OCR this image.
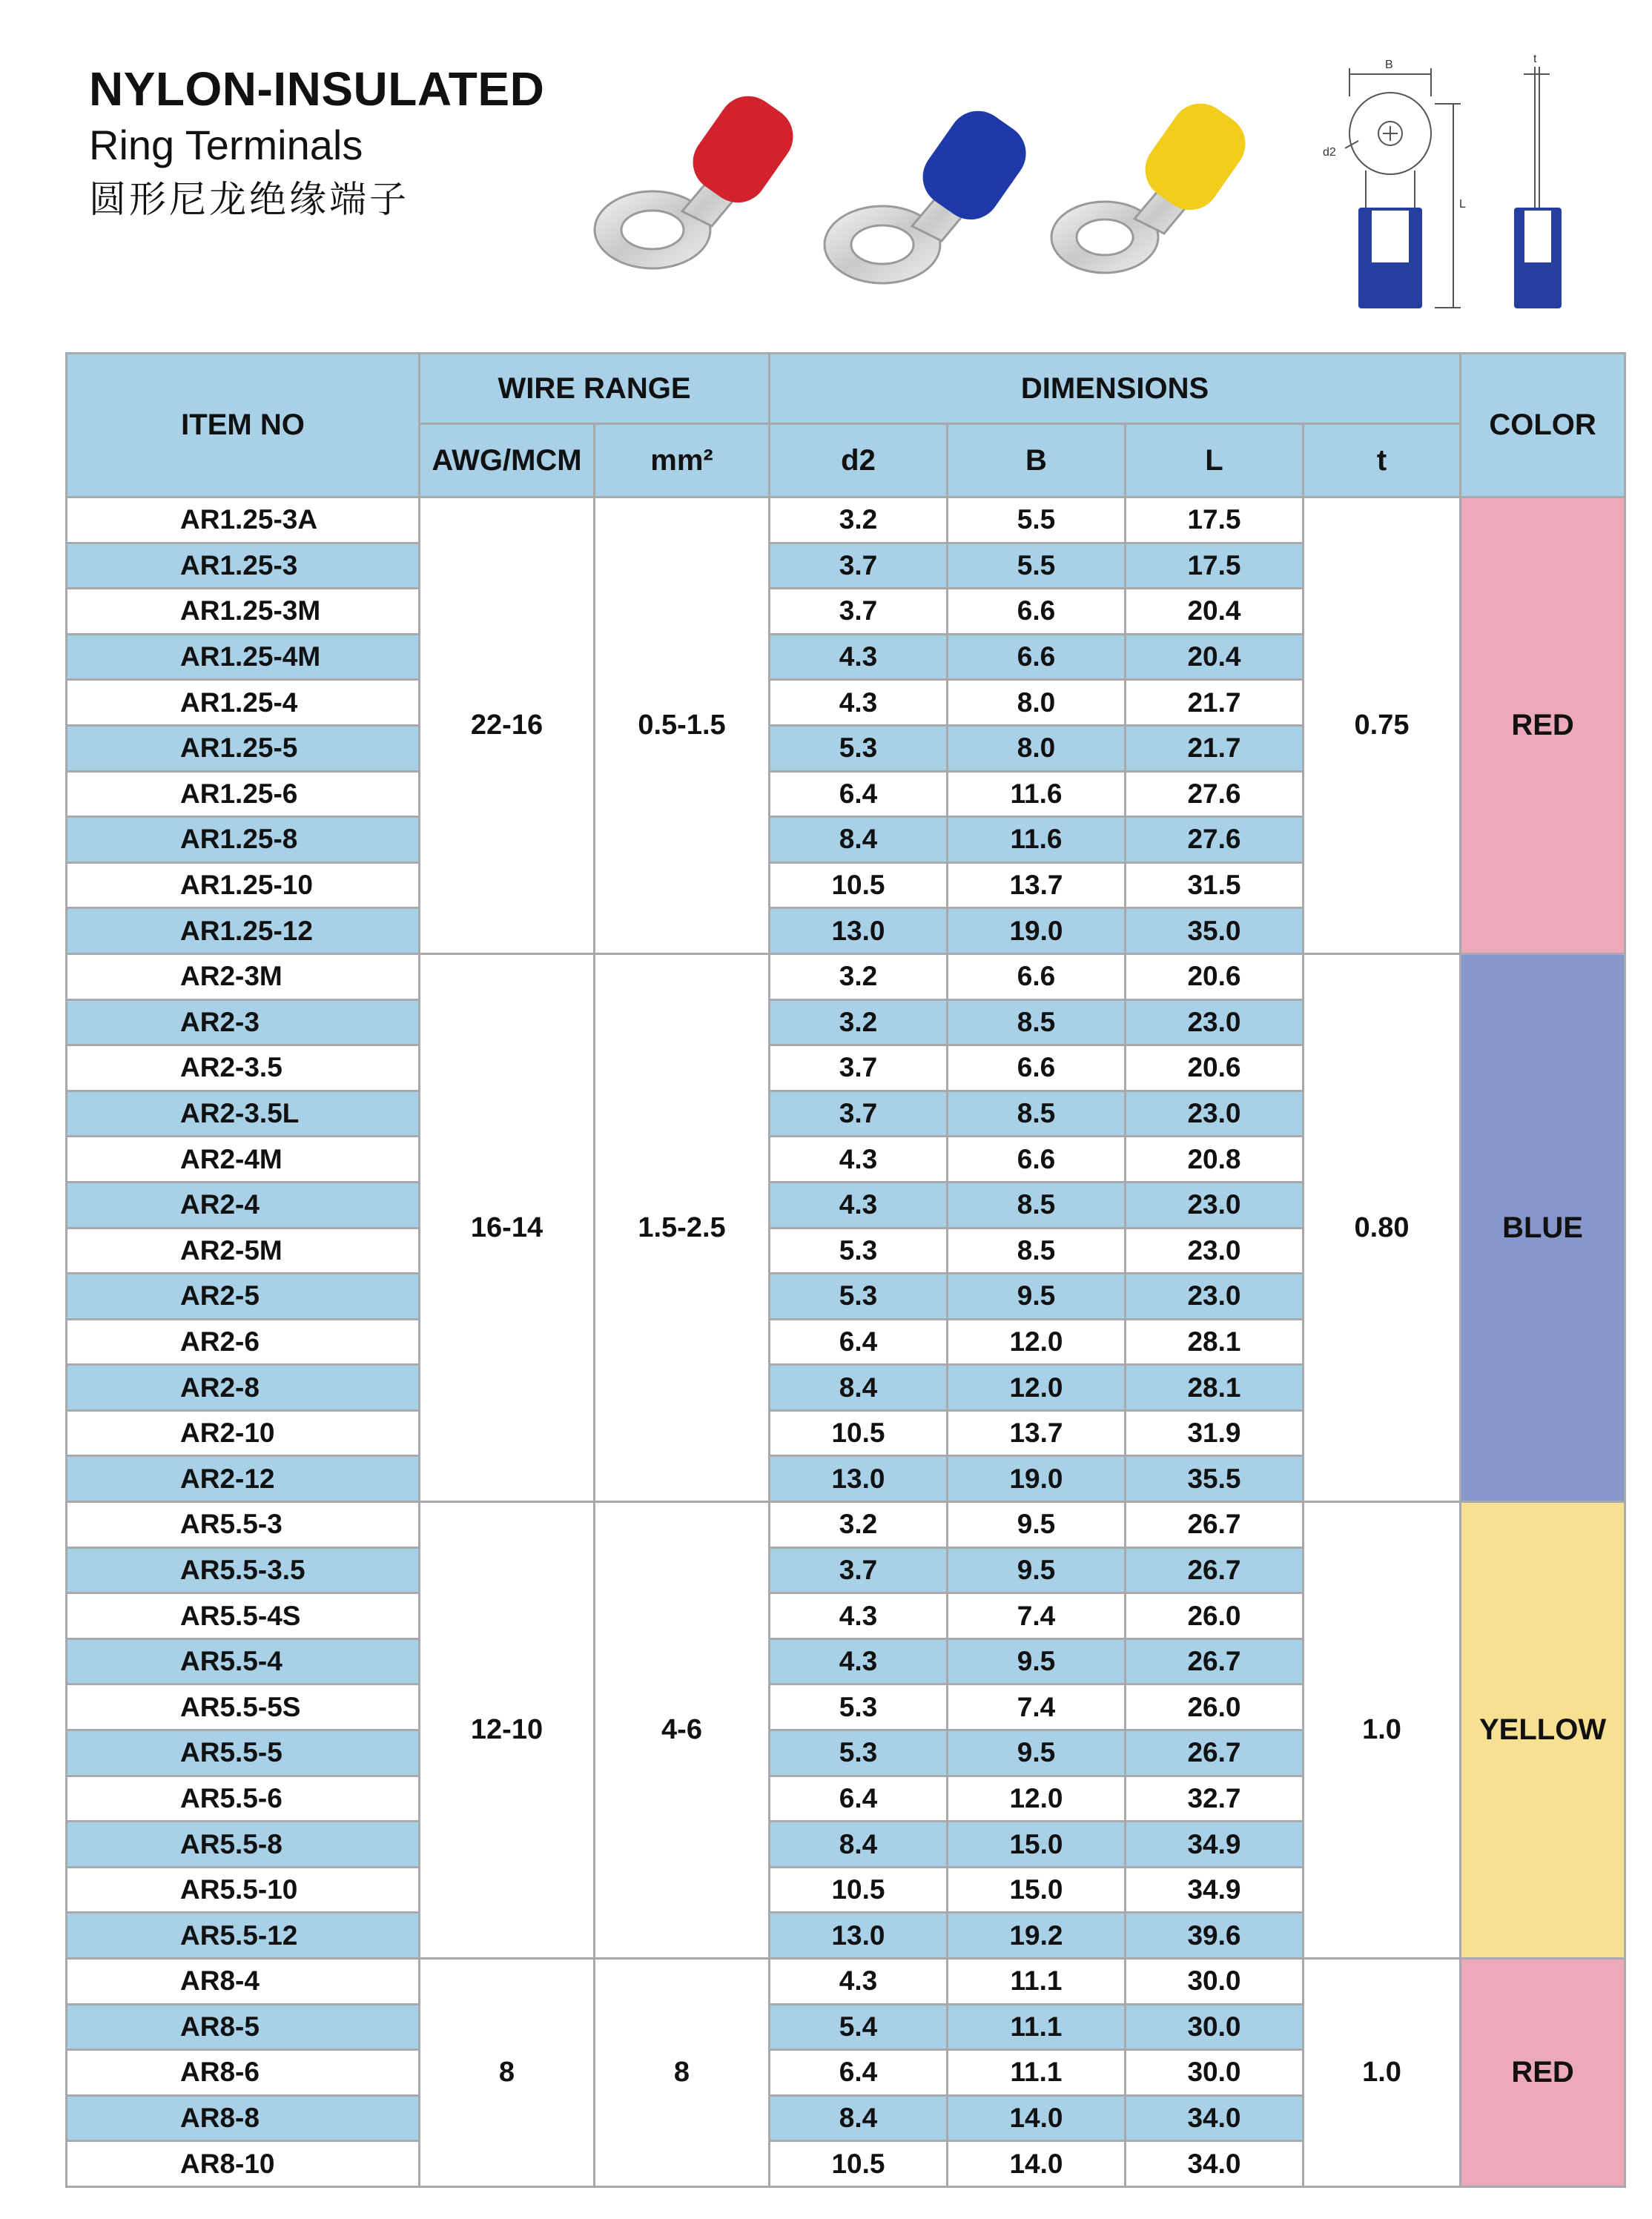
NYLON-INSULATED
Ring Terminals
圆形尼龙绝缘端子
B	t
d2
L
ITEM NO	WIRE RANGE		DIMENSIONS				COLOR
	AWG/MCM	mm²	d2	B	L	t	
AR1.25-3A	22-16	0.5-1.5	3.2	5.5	17.5	0.75	RED
AR1.25-3			3.7	5.5	17.5		
AR1.25-3M			3.7	6.6	20.4		
AR1.25-4M			4.3	6.6	20.4		
AR1.25-4			4.3	8.0	21.7		
AR1.25-5			5.3	8.0	21.7		
AR1.25-6			6.4	11.6	27.6		
AR1.25-8			8.4	11.6	27.6		
AR1.25-10			10.5	13.7	31.5		
AR1.25-12			13.0	19.0	35.0		
AR2-3M	16-14	1.5-2.5	3.2	6.6	20.6	0.80	BLUE
AR2-3			3.2	8.5	23.0		
AR2-3.5			3.7	6.6	20.6		
AR2-3.5L			3.7	8.5	23.0		
AR2-4M			4.3	6.6	20.8		
AR2-4			4.3	8.5	23.0		
AR2-5M			5.3	8.5	23.0		
AR2-5			5.3	9.5	23.0		
AR2-6			6.4	12.0	28.1		
AR2-8			8.4	12.0	28.1		
AR2-10			10.5	13.7	31.9		
AR2-12			13.0	19.0	35.5		
AR5.5-3	12-10	4-6	3.2	9.5	26.7	1.0	YELLOW
AR5.5-3.5			3.7	9.5	26.7		
AR5.5-4S			4.3	7.4	26.0		
AR5.5-4			4.3	9.5	26.7		
AR5.5-5S			5.3	7.4	26.0		
AR5.5-5			5.3	9.5	26.7		
AR5.5-6			6.4	12.0	32.7		
AR5.5-8			8.4	15.0	34.9		
AR5.5-10			10.5	15.0	34.9		
AR5.5-12			13.0	19.2	39.6		
AR8-4	8	8	4.3	11.1	30.0	1.0	RED
AR8-5			5.4	11.1	30.0		
AR8-6			6.4	11.1	30.0		
AR8-8			8.4	14.0	34.0		
AR8-10			10.5	14.0	34.0		
